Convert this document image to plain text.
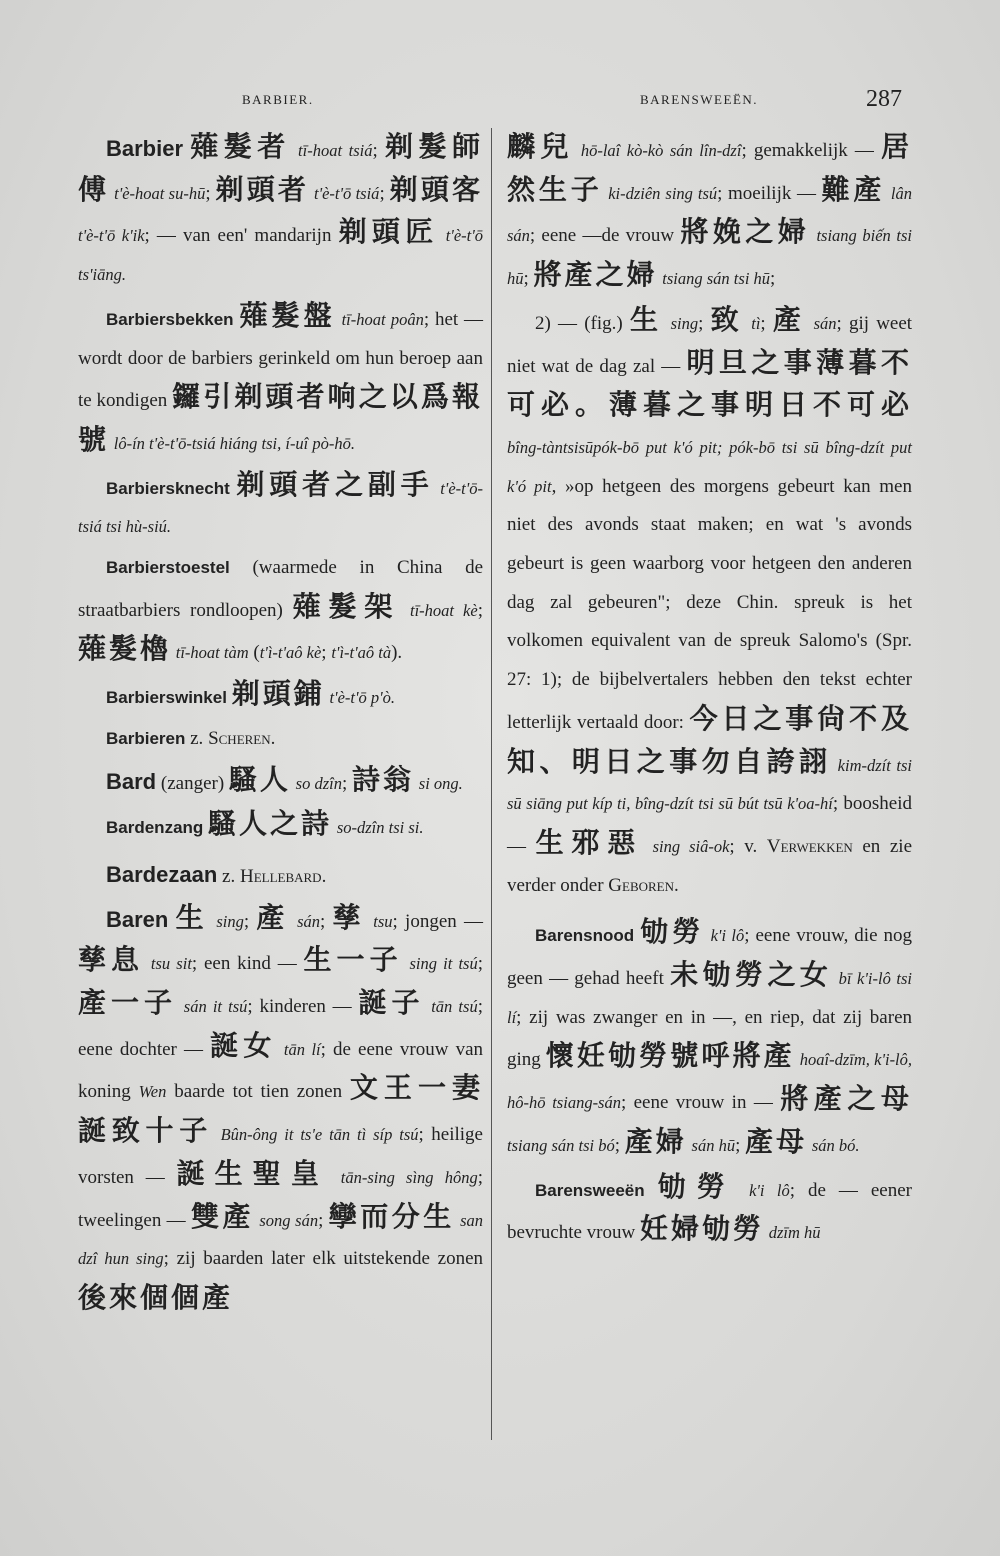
BARBIER.	BARENSWEEËN.	287

Barbier 薙髮者 tī-hoat tsiá; 剃髮師傅 t'è-hoat su-hū; 剃頭者 t'è-t'ō tsiá; 剃頭客 t'è-t'ō k'ik; — van een' mandarijn 剃頭匠 t'è-t'ō ts'iāng.

Barbiersbekken 薙髮盤 tī-hoat poân; het — wordt door de barbiers gerinkeld om hun beroep aan te kondigen 鑼引剃頭者响之以爲報號 lô-ín t'è-t'ō-tsiá hiáng tsi, í-uî pò-hō.

Barbiersknecht 剃頭者之副手 t'è-t'ō-tsiá tsi hù-siú.

Barbierstoestel (waarmede in China de straatbarbiers rondloopen) 薙髮架 tī-hoat kè; 薙髮櫓 tī-hoat tàm (t'ì-t'aô kè; t'ì-t'aô tà).

Barbierswinkel 剃頭鋪 t'è-t'ō p'ò.

Barbieren z. Scheren.

Bard (zanger) 騷人 so dzîn; 詩翁 si ong.

Bardenzang 騷人之詩 so-dzîn tsi si.

Bardezaan z. Hellebard.

Baren 生 sing; 產 sán; 孳 tsu; jongen — 孳息 tsu sit; een kind — 生一子 sing it tsú; 產一子 sán it tsú; kinderen — 誕子 tān tsú; eene dochter — 誕女 tān lí; de eene vrouw van koning Wen baarde tot tien zonen 文王一妻誕致十子 Bûn-ông it ts'e tān tì síp tsú; heilige vorsten — 誕生聖皇 tān-sing sìng hông; tweelingen — 雙產 song sán; 孿而分生 san dzî hun sing; zij baarden later elk uitstekende zonen 後來個個產

麟兒 hō-laî kò-kò sán lîn-dzî; gemakkelijk — 居然生子 ki-dziên sing tsú; moeilijk — 難產 lân sán; eene —de vrouw 將娩之婦 tsiang biến tsi hū; 將產之婦 tsiang sán tsi hū;

2) — (fig.) 生 sing; 致 tì; 產 sán; gij weet niet wat de dag zal — 明旦之事薄暮不可必。薄暮之事明日不可必 bîng-tàntsisūpók-bō put k'ó pit; pók-bō tsi sū bîng-dzít put k'ó pit, »op hetgeen des morgens gebeurt kan men niet des avonds staat maken; en wat 's avonds gebeurt is geen waarborg voor hetgeen den anderen dag zal gebeuren"; deze Chin. spreuk is het volkomen equivalent van de spreuk Salomo's (Spr. 27: 1); de bijbelvertalers hebben den tekst echter letterlijk vertaald door: 今日之事尙不及知、明日之事勿自誇詡 kim-dzít tsi sū siāng put kíp ti, bîng-dzít tsi sū bút tsū k'oa-hí; boosheid — 生邪惡 sing siâ-ok; v. Verwekken en zie verder onder Geboren.

Barensnood 劬勞 k'i lô; eene vrouw, die nog geen — gehad heeft 未劬勞之女 bī k'i-lô tsi lí; zij was zwanger en in —, en riep, dat zij baren ging 懷妊劬勞號呼將產 hoaî-dzīm, k'i-lô, hô-hō tsiang-sán; eene vrouw in — 將產之母 tsiang sán tsi bó; 產婦 sán hū; 產母 sán bó.

Barensweeën 劬勞 k'i lô; de — eener bevruchte vrouw 妊婦劬勞 dzīm hū
